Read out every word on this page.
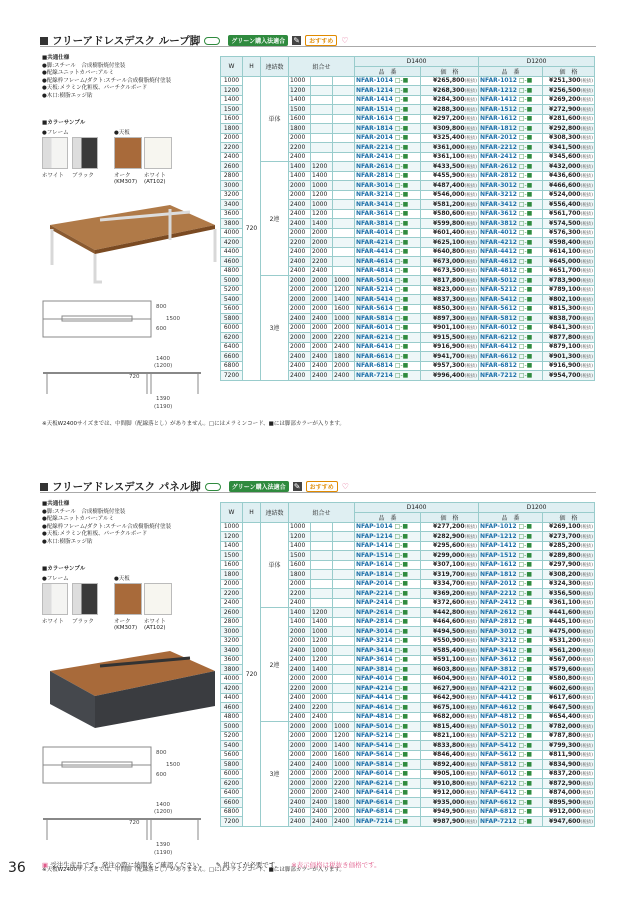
フリーアドレスデスク ループ脚	グリーン購入法適合	✎	おすすめ	♡
■共通仕様
●脚:スチール　合成樹脂焼付塗装
●配線ユニットカバー:アルミ
●配線枠フレーム/ダクト:スチール合成樹脂焼付塗装
●天板:メラミン化粧板、パーチクルボード
●木口:樹脂エッジ貼
■カラーサンプル
●フレーム	●天板
ホワイト ブラック	オーク
(KM307)
ホワイト
(AT102)
800
600
1500
1400
(1200)
720
1390
(1190)
W	H	連結数	組合せ			D1400		D1200	
						品　番	価　格	品　番	価　格
1000	720	単体	1000			NFAR-1014 □-■	¥265,800(税抜)	NFAR-1012 □-■	¥251,300(税抜)
1200			1200			NFAR-1214 □-■	¥268,300(税抜)	NFAR-1212 □-■	¥256,500(税抜)
1400			1400			NFAR-1414 □-■	¥284,300(税抜)	NFAR-1412 □-■	¥269,200(税抜)
1500			1500			NFAR-1514 □-■	¥288,300(税抜)	NFAR-1512 □-■	¥272,900(税抜)
1600			1600			NFAR-1614 □-■	¥297,200(税抜)	NFAR-1612 □-■	¥281,600(税抜)
1800			1800			NFAR-1814 □-■	¥309,800(税抜)	NFAR-1812 □-■	¥292,800(税抜)
2000			2000			NFAR-2014 □-■	¥325,400(税抜)	NFAR-2012 □-■	¥308,300(税抜)
2200			2200			NFAR-2214 □-■	¥361,000(税抜)	NFAR-2212 □-■	¥341,500(税抜)
2400			2400			NFAR-2414 □-■	¥361,100(税抜)	NFAR-2412 □-■	¥345,600(税抜)
2600		2連	1400	1200		NFAR-2614 □-■	¥433,500(税抜)	NFAR-2612 □-■	¥432,000(税抜)
2800			1400	1400		NFAR-2814 □-■	¥455,900(税抜)	NFAR-2812 □-■	¥436,600(税抜)
3000			2000	1000		NFAR-3014 □-■	¥487,400(税抜)	NFAR-3012 □-■	¥466,600(税抜)
3200			2000	1200		NFAR-3214 □-■	¥546,000(税抜)	NFAR-3212 □-■	¥524,000(税抜)
3400			2400	1000		NFAR-3414 □-■	¥581,200(税抜)	NFAR-3412 □-■	¥556,400(税抜)
3600			2400	1200		NFAR-3614 □-■	¥580,600(税抜)	NFAR-3612 □-■	¥561,700(税抜)
3800			2400	1400		NFAR-3814 □-■	¥599,800(税抜)	NFAR-3812 □-■	¥574,500(税抜)
4000			2000	2000		NFAR-4014 □-■	¥601,400(税抜)	NFAR-4012 □-■	¥576,300(税抜)
4200			2200	2000		NFAR-4214 □-■	¥625,100(税抜)	NFAR-4212 □-■	¥598,400(税抜)
4400			2400	2000		NFAR-4414 □-■	¥640,800(税抜)	NFAR-4412 □-■	¥614,100(税抜)
4600			2400	2200		NFAR-4614 □-■	¥673,000(税抜)	NFAR-4612 □-■	¥645,000(税抜)
4800			2400	2400		NFAR-4814 □-■	¥673,500(税抜)	NFAR-4812 □-■	¥651,700(税抜)
5000		3連	2000	2000	1000	NFAR-5014 □-■	¥817,800(税抜)	NFAR-5012 □-■	¥783,900(税抜)
5200			2000	2000	1200	NFAR-5214 □-■	¥823,000(税抜)	NFAR-5212 □-■	¥789,100(税抜)
5400			2000	2000	1400	NFAR-5414 □-■	¥837,300(税抜)	NFAR-5412 □-■	¥802,100(税抜)
5600			2000	2000	1600	NFAR-5614 □-■	¥850,300(税抜)	NFAR-5612 □-■	¥815,300(税抜)
5800			2400	2400	1000	NFAR-5814 □-■	¥897,300(税抜)	NFAR-5812 □-■	¥838,700(税抜)
6000			2000	2000	2000	NFAR-6014 □-■	¥901,100(税抜)	NFAR-6012 □-■	¥841,300(税抜)
6200			2000	2000	2200	NFAR-6214 □-■	¥915,500(税抜)	NFAR-6212 □-■	¥877,800(税抜)
6400			2000	2000	2400	NFAR-6414 □-■	¥916,900(税抜)	NFAR-6412 □-■	¥879,100(税抜)
6600			2400	2400	1800	NFAR-6614 □-■	¥941,700(税抜)	NFAR-6612 □-■	¥901,300(税抜)
6800			2400	2400	2000	NFAR-6814 □-■	¥957,300(税抜)	NFAR-6812 □-■	¥916,900(税抜)
7200			2400	2400	2400	NFAR-7214 □-■	¥996,400(税抜)	NFAR-7212 □-■	¥954,700(税抜)
※天板W2400サイズまでは、中間脚（配線落とし）がありません。□にはメラミンコード、■には脚部カラーが入ります。
フリーアドレスデスク パネル脚	グリーン購入法適合	✎	おすすめ	♡
■共通仕様
●脚:スチール　合成樹脂焼付塗装
●配線ユニットカバー:アルミ
●配線枠フレーム/ダクト:スチール合成樹脂焼付塗装
●天板:メラミン化粧板、パーチクルボード
●木口:樹脂エッジ貼
■カラーサンプル
●フレーム	●天板
ホワイト ブラック	オーク
(KM307)
ホワイト
(AT102)
800
600
1500
1400
(1200)
720
1390
(1190)
W	H	連結数	組合せ			D1400		D1200	
						品　番	価　格	品　番	価　格
1000	720	単体	1000			NFAP-1014 □-■	¥277,200(税抜)	NFAP-1012 □-■	¥269,100(税抜)
1200			1200			NFAP-1214 □-■	¥282,900(税抜)	NFAP-1212 □-■	¥273,700(税抜)
1400			1400			NFAP-1414 □-■	¥295,600(税抜)	NFAP-1412 □-■	¥285,200(税抜)
1500			1500			NFAP-1514 □-■	¥299,000(税抜)	NFAP-1512 □-■	¥289,800(税抜)
1600			1600			NFAP-1614 □-■	¥307,100(税抜)	NFAP-1612 □-■	¥297,900(税抜)
1800			1800			NFAP-1814 □-■	¥319,700(税抜)	NFAP-1812 □-■	¥308,200(税抜)
2000			2000			NFAP-2014 □-■	¥334,700(税抜)	NFAP-2012 □-■	¥324,300(税抜)
2200			2200			NFAP-2214 □-■	¥369,200(税抜)	NFAP-2212 □-■	¥356,500(税抜)
2400			2400			NFAP-2414 □-■	¥372,600(税抜)	NFAP-2412 □-■	¥361,100(税抜)
2600		2連	1400	1200		NFAP-2614 □-■	¥442,800(税抜)	NFAP-2612 □-■	¥441,600(税抜)
2800			1400	1400		NFAP-2814 □-■	¥464,600(税抜)	NFAP-2812 □-■	¥445,100(税抜)
3000			2000	1000		NFAP-3014 □-■	¥494,500(税抜)	NFAP-3012 □-■	¥475,000(税抜)
3200			2000	1200		NFAP-3214 □-■	¥550,900(税抜)	NFAP-3212 □-■	¥531,200(税抜)
3400			2400	1000		NFAP-3414 □-■	¥585,400(税抜)	NFAP-3412 □-■	¥561,200(税抜)
3600			2400	1200		NFAP-3614 □-■	¥591,100(税抜)	NFAP-3612 □-■	¥567,000(税抜)
3800			2400	1400		NFAP-3814 □-■	¥603,800(税抜)	NFAP-3812 □-■	¥579,600(税抜)
4000			2000	2000		NFAP-4014 □-■	¥604,900(税抜)	NFAP-4012 □-■	¥580,800(税抜)
4200			2200	2000		NFAP-4214 □-■	¥627,900(税抜)	NFAP-4212 □-■	¥602,600(税抜)
4400			2400	2000		NFAP-4414 □-■	¥642,900(税抜)	NFAP-4412 □-■	¥617,600(税抜)
4600			2400	2200		NFAP-4614 □-■	¥675,100(税抜)	NFAP-4612 □-■	¥647,500(税抜)
4800			2400	2400		NFAP-4814 □-■	¥682,000(税抜)	NFAP-4812 □-■	¥654,400(税抜)
5000		3連	2000	2000	1000	NFAP-5014 □-■	¥815,400(税抜)	NFAP-5012 □-■	¥782,000(税抜)
5200			2000	2000	1200	NFAP-5214 □-■	¥821,100(税抜)	NFAP-5212 □-■	¥787,800(税抜)
5400			2000	2000	1400	NFAP-5414 □-■	¥833,800(税抜)	NFAP-5412 □-■	¥799,300(税抜)
5600			2000	2000	1600	NFAP-5614 □-■	¥846,400(税抜)	NFAP-5612 □-■	¥811,900(税抜)
5800			2400	2400	1000	NFAP-5814 □-■	¥892,400(税抜)	NFAP-5812 □-■	¥834,900(税抜)
6000			2000	2000	2000	NFAP-6014 □-■	¥905,100(税抜)	NFAP-6012 □-■	¥837,200(税抜)
6200			2000	2000	2200	NFAP-6214 □-■	¥910,800(税抜)	NFAP-6212 □-■	¥872,900(税抜)
6400			2000	2000	2400	NFAP-6414 □-■	¥912,000(税抜)	NFAP-6412 □-■	¥874,000(税抜)
6600			2400	2400	1800	NFAP-6614 □-■	¥935,000(税抜)	NFAP-6612 □-■	¥895,900(税抜)
6800			2400	2400	2000	NFAP-6814 □-■	¥949,900(税抜)	NFAP-6812 □-■	¥912,000(税抜)
7200			2400	2400	2400	NFAP-7214 □-■	¥987,900(税抜)	NFAP-7212 □-■	¥947,600(税抜)
※天板W2400サイズまでは、中間脚（配線落とし）がありません。□にはメラミンコード、■には脚部カラーが入ります。
36 ▣ 受注生産品です。発注の際に納期をご確認ください。 ✎ 組立てが必要です。 ※表示価格は税抜き価格です。
